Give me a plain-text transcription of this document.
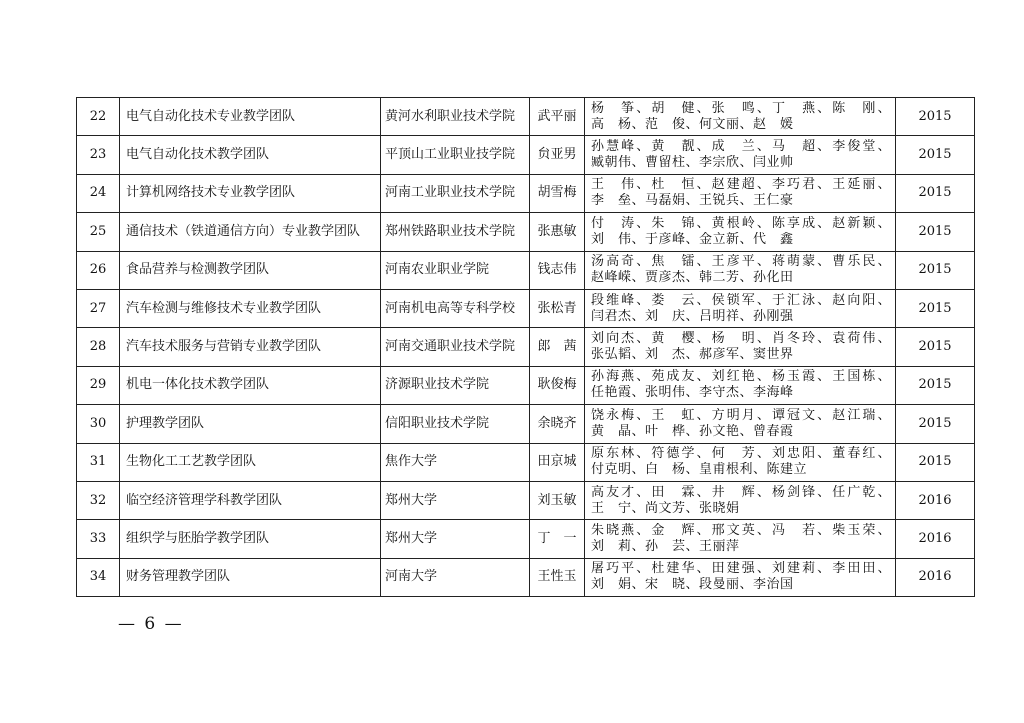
22	电气自动化技术专业教学团队	黄河水利职业技术学院	武平丽	杨　筝、胡　健、张　鸣、丁　燕、陈　刚、
高　杨、范　俊、何文丽、赵　媛	2015
23	电气自动化技术教学团队	平顶山工业职业技学院	贠亚男	孙慧峰、黄　靓、成　兰、马　超、李俊堂、
臧朝伟、曹留柱、李宗欣、闫业帅	2015
24	计算机网络技术专业教学团队	河南工业职业技术学院	胡雪梅	王　伟、杜　恒、赵建超、李巧君、王延丽、
李　垒、马磊娟、王锐兵、王仁豪	2015
25	通信技术（铁道通信方向）专业教学团队	郑州铁路职业技术学院	张惠敏	付　涛、朱　锦、黄根岭、陈享成、赵新颖、
刘　伟、于彦峰、金立新、代　鑫	2015
26	食品营养与检测教学团队	河南农业职业学院	钱志伟	汤高奇、焦　镭、王彦平、蒋萌蒙、曹乐民、
赵峰嵘、贾彦杰、韩二芳、孙化田	2015
27	汽车检测与维修技术专业教学团队	河南机电高等专科学校	张松青	段维峰、娄　云、侯锁军、于汇泳、赵向阳、
闫君杰、刘　庆、吕明祥、孙刚强	2015
28	汽车技术服务与营销专业教学团队	河南交通职业技术学院	郎　茜	刘向杰、黄　樱、杨　明、肖冬玲、袁荷伟、
张弘韬、刘　杰、郝彦军、窦世界	2015
29	机电一体化技术教学团队	济源职业技术学院	耿俊梅	孙海燕、苑成友、刘红艳、杨玉霞、王国栋、
任艳霞、张明伟、李守杰、李海峰	2015
30	护理教学团队	信阳职业技术学院	余晓齐	饶永梅、王　虹、方明月、谭冠文、赵江瑞、
黄　晶、叶　桦、孙文艳、曾春霞	2015
31	生物化工工艺教学团队	焦作大学	田京城	原东林、符德学、何　芳、刘忠阳、董春红、
付克明、白　杨、皇甫根利、陈建立	2015
32	临空经济管理学科教学团队	郑州大学	刘玉敏	高友才、田　霖、井　辉、杨剑锋、任广乾、
王　宁、尚文芳、张晓娟	2016
33	组织学与胚胎学教学团队	郑州大学	丁　一	朱晓燕、金　辉、邢文英、冯　若、柴玉荣、
刘　莉、孙　芸、王丽萍	2016
34	财务管理教学团队	河南大学	王性玉	屠巧平、杜建华、田建强、刘建莉、李田田、
刘　娟、宋　晓、段曼丽、李治国	2016
— 6 —
